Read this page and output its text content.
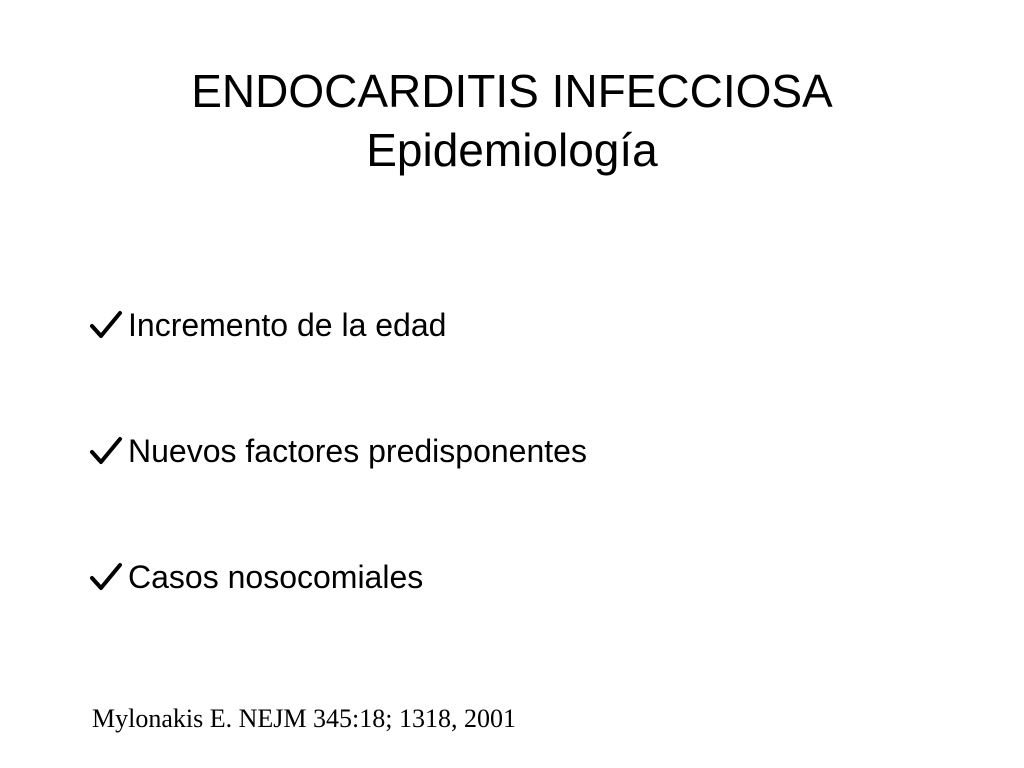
ENDOCARDITIS INFECCIOSA
Epidemiología
Incremento de la edad
Nuevos factores predisponentes
Casos nosocomiales
Mylonakis E. NEJM 345:18; 1318, 2001
